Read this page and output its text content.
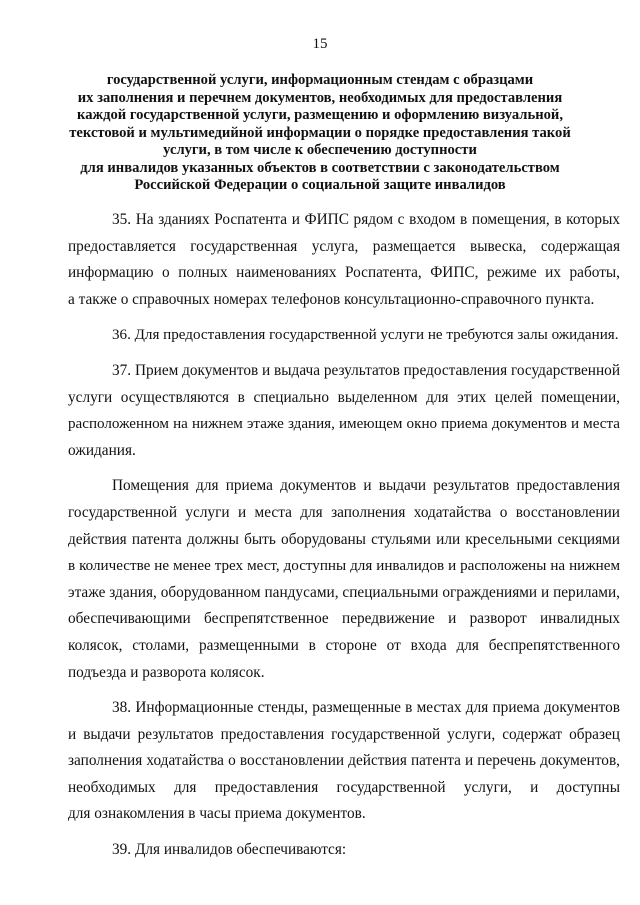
15
государственной услуги, информационным стендам с образцами
их заполнения и перечнем документов, необходимых для предоставления
каждой государственной услуги, размещению и оформлению визуальной,
текстовой и мультимедийной информации о порядке предоставления такой
услуги, в том числе к обеспечению доступности
для инвалидов указанных объектов в соответствии с законодательством
Российской Федерации о социальной защите инвалидов

35. На зданиях Роспатента и ФИПС рядом с входом в помещения, в которых
предоставляется государственная услуга, размещается вывеска, содержащая
информацию о полных наименованиях Роспатента, ФИПС, режиме их работы,
а также о справочных номерах телефонов консультационно-справочного пункта.

36. Для предоставления государственной услуги не требуются залы ожидания.

37. Прием документов и выдача результатов предоставления государственной
услуги осуществляются в специально выделенном для этих целей помещении,
расположенном на нижнем этаже здания, имеющем окно приема документов и места
ожидания.

Помещения для приема документов и выдачи результатов предоставления
государственной услуги и места для заполнения ходатайства о восстановлении
действия патента должны быть оборудованы стульями или кресельными секциями
в количестве не менее трех мест, доступны для инвалидов и расположены на нижнем
этаже здания, оборудованном пандусами, специальными ограждениями и перилами,
обеспечивающими беспрепятственное передвижение и разворот инвалидных
колясок, столами, размещенными в стороне от входа для беспрепятственного
подъезда и разворота колясок.

38. Информационные стенды, размещенные в местах для приема документов
и выдачи результатов предоставления государственной услуги, содержат образец
заполнения ходатайства о восстановлении действия патента и перечень документов,
необходимых для предоставления государственной услуги, и доступны
для ознакомления в часы приема документов.

39. Для инвалидов обеспечиваются:
